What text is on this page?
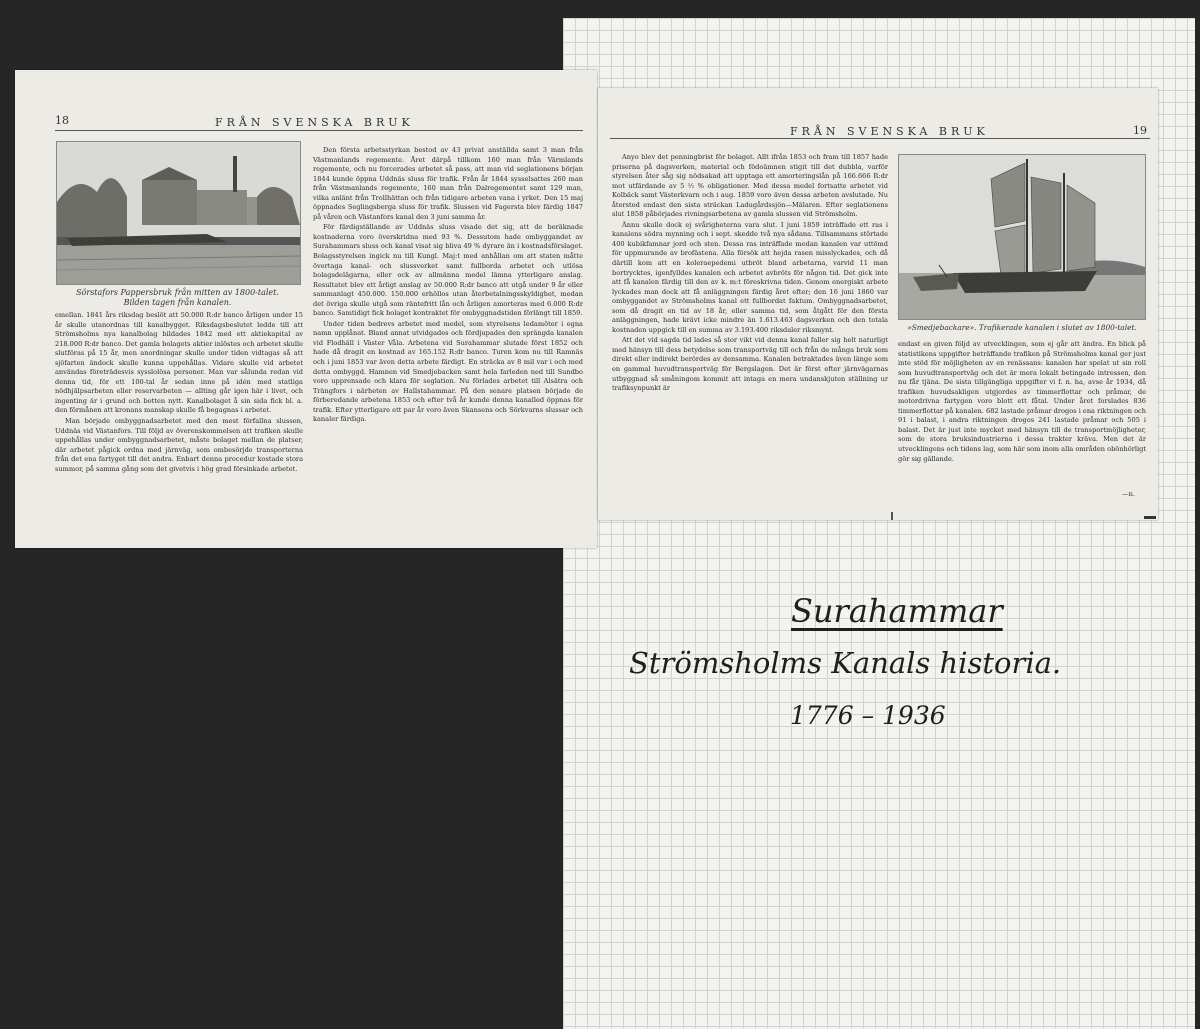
Surahammar
Strömsholms Kanals historia.
1776 – 1936
18	FRÅN SVENSKA BRUK
Sörstafors Pappersbruk från mitten av 1800-talet.
Bilden tagen från kanalen.

emellan. 1841 års riksdag beslöt att 50.000 R:dr banco årligen under 15 år skulle utanordnas till kanalbygget. Riksdagsbeslutet ledde till att Strömsholms nya kanalbolag bildades 1842 med ett aktiekapital av 218.000 R:dr banco. Det gamla bolagets aktier inlöstes och arbetet skulle slutföras på 15 år, men anordningar skulle under tiden vidtagas så att sjöfarten ändock skulle kunna uppehållas. Vidare skulle vid arbetet användas företrädesvis sysslolösa personer. Man var sålunda redan vid denna tid, för ett 100-tal år sedan inne på idén med statliga nödhjälpsarbeten eller reservarbeten — allting går igen här i livet, och ingenting är i grund och botten nytt. Kanalbolaget å sin sida fick bl. a. den förmånen att kronans manskap skulle få begagnas i arbetet.

Man började ombyggnadsarbetet med den mest förfallna slussen, Uddnäs vid Västanfors. Till följd av överenskommelsen att trafiken skulle uppehållas under ombyggnadsarbetet, måste bolaget mellan de platser, där arbetet pågick ordna med järnväg, som ombesörjde transporterna från det ena fartyget till det andra. Enbart denna procedur kostade stora summor, på samma gång som det givetvis i hög grad försinkade arbetet.

Den första arbetsstyrkan bestod av 43 privat anställda samt 3 man från Västmanlands regemente. Året därpå tillkom 160 man från Värmlands regemente, och nu forcerades arbetet så pass, att man vid seglationens början 1844 kunde öppna Uddnäs sluss för trafik. Från år 1844 sysselsattes 260 man från Västmanlands regemente, 160 man från Dalregementet samt 129 man, vilka anlänt från Trollhättan och från tidigare arbeten vana i yrket. Den 15 maj öppnades Seglingsberga sluss för trafik. Slussen vid Fagersta blev färdig 1847 på våren och Västanfors kanal den 3 juni samma år.

För färdigställande av Uddnäs sluss visade det sig, att de beräknade kostnaderna voro överskridna med 93 %. Dessutom hade ombyggandet av Surahammars sluss och kanal visat sig bliva 49 % dyrare än i kostnadsförslaget. Bolagsstyrelsen ingick nu till Kungl. Maj:t med anhållan om att staten måtte övertaga kanal- och slussverket samt fullborda arbetet och utlösa bolagsdelägarna, eller ock av allmänna medel lämna ytterligare anslag. Resultatet blev ett årligt anslag av 50.000 R:dr banco att utgå under 9 år eller sammanlagt 450.000. 150.000 erhöllos utan återbetalningsskyldighet, medan det övriga skulle utgå som räntefritt lån och årligen amorteras med 6.000 R:dr banco. Samtidigt fick bolaget kontraktet för ombyggnadstiden förlängt till 1859.

Under tiden bedrevs arbetet med medel, som styrelsens ledamöter i egna namn upplånat. Bland annat utvidgades och fördjupades den sprängda kanalen vid Flodhäll i Väster Våla. Arbetena vid Surahammar slutade först 1852 och hade då dragit en kostnad av 165.152 R:dr banco. Turen kom nu till Ramnäs och i juni 1853 var även detta arbete färdigt. En sträcka av 8 mil var i och med detta ombyggd. Hamnen vid Smedjebacken samt hela farleden ned till Sundbo voro upprensade och klara för seglation. Nu förlades arbetet till Alsätra och Trängfors i närheten av Hallstahammar. På den senare platsen började de förberedande arbetena 1853 och efter två år kunde denna kanalled öppnas för trafik. Efter ytterligare ett par år voro även Skansens och Sörkvarns slussar och kanaler färdiga.

FRÅN SVENSKA BRUK	19

Anyo blev det penningbrist för bolaget. Allt ifrån 1853 och fram till 1857 hade priserna på dagsverken, material och födoämnen stigit till det dubbla, varför styrelsen åter såg sig nödsakad att upptaga ett amorteringslån på 166.666 R:dr mot utfärdande av 5 ½ % obligationer. Med dessa medel fortsatte arbetet vid Kolbäck samt Västerkvarn och i aug. 1859 voro även dessa arbeten avslutade. Nu återstod endast den sista sträckan Ladugårdssjön—Mälaren. Efter seglationens slut 1858 påbörjades rivningsarbetena av gamla slussen vid Strömsholm.

Ännu skulle dock ej svårigheterna vara slut. I juni 1859 inträffade ett ras i kanalens södra mynning och i sept. skedde två nya sådana. Tillsammans störtade 400 kubikfamnar jord och sten. Dessa ras inträffade medan kanalen var uttömd för uppmurande av brofästena. Alla försök att hejda rasen misslyckades, och då därtill kom att en koleraepedemi utbröt bland arbetarna, varvid 11 man bortrycktes, igenfylldes kanalen och arbetet avbröts för någon tid. Det gick inte att få kanalen färdig till den av k. m:t föreskrivna tiden. Genom energiskt arbete lyckades man dock att få anläggningen färdig året efter; den 16 juni 1860 var ombyggandet av Strömsholms kanal ett fullbordat faktum. Ombyggnadsarbetet, som då dragit en tid av 18 år, eller samma tid, som åtgått för den första anläggningen, hade krävt icke mindre än 1.613.463 dagsverken och den totala kostnaden uppgick till en summa av 3.193.400 riksdaler riksmynt.

Att det vid sagda tid lades så stor vikt vid denna kanal faller sig helt naturligt med hänsyn till dess betydelse som transportväg till och från de många bruk som direkt eller indirekt berördes av densamma. Kanalen betraktades även länge som en gammal huvudtransportväg för Bergslagen. Det är först efter järnvägarnas utbyggnad så småningom kommit att intaga en mera undanskjuten ställning ur trafiksynpunkt är

»Smedjebackare». Trafikerade kanalen i slutet av 1800-talet.

endast en given följd av utvecklingen, som ej går att ändra. En blick på statistikens uppgifter beträffande trafiken på Strömsholms kanal ger just inte stöd för möjligheten av en renässans: kanalen har spelat ut sin roll som huvudtransportväg och det är mera lokalt betingade intressen, den nu får tjäna. De sista tillgängliga uppgifter vi f. n. ha, avse år 1934, då trafiken huvudsakligen utgjordes av timmerflottar och pråmar, de motordrivna fartygen voro blott ett fåtal. Under året forslades 836 timmerflottar på kanalen. 682 lastade pråmar drogos i ena riktningen och 91 i balast, i andra riktningen drogos 241 lastade pråmar och 505 i balast. Det är just inte mycket med hänsyn till de transportmöjligheter, som de stora bruksindustrierna i dessa trakter kräva. Men det är utvecklingens och tidens lag, som här som inom alla områden obönhörligt gör sig gällande.

—n.
